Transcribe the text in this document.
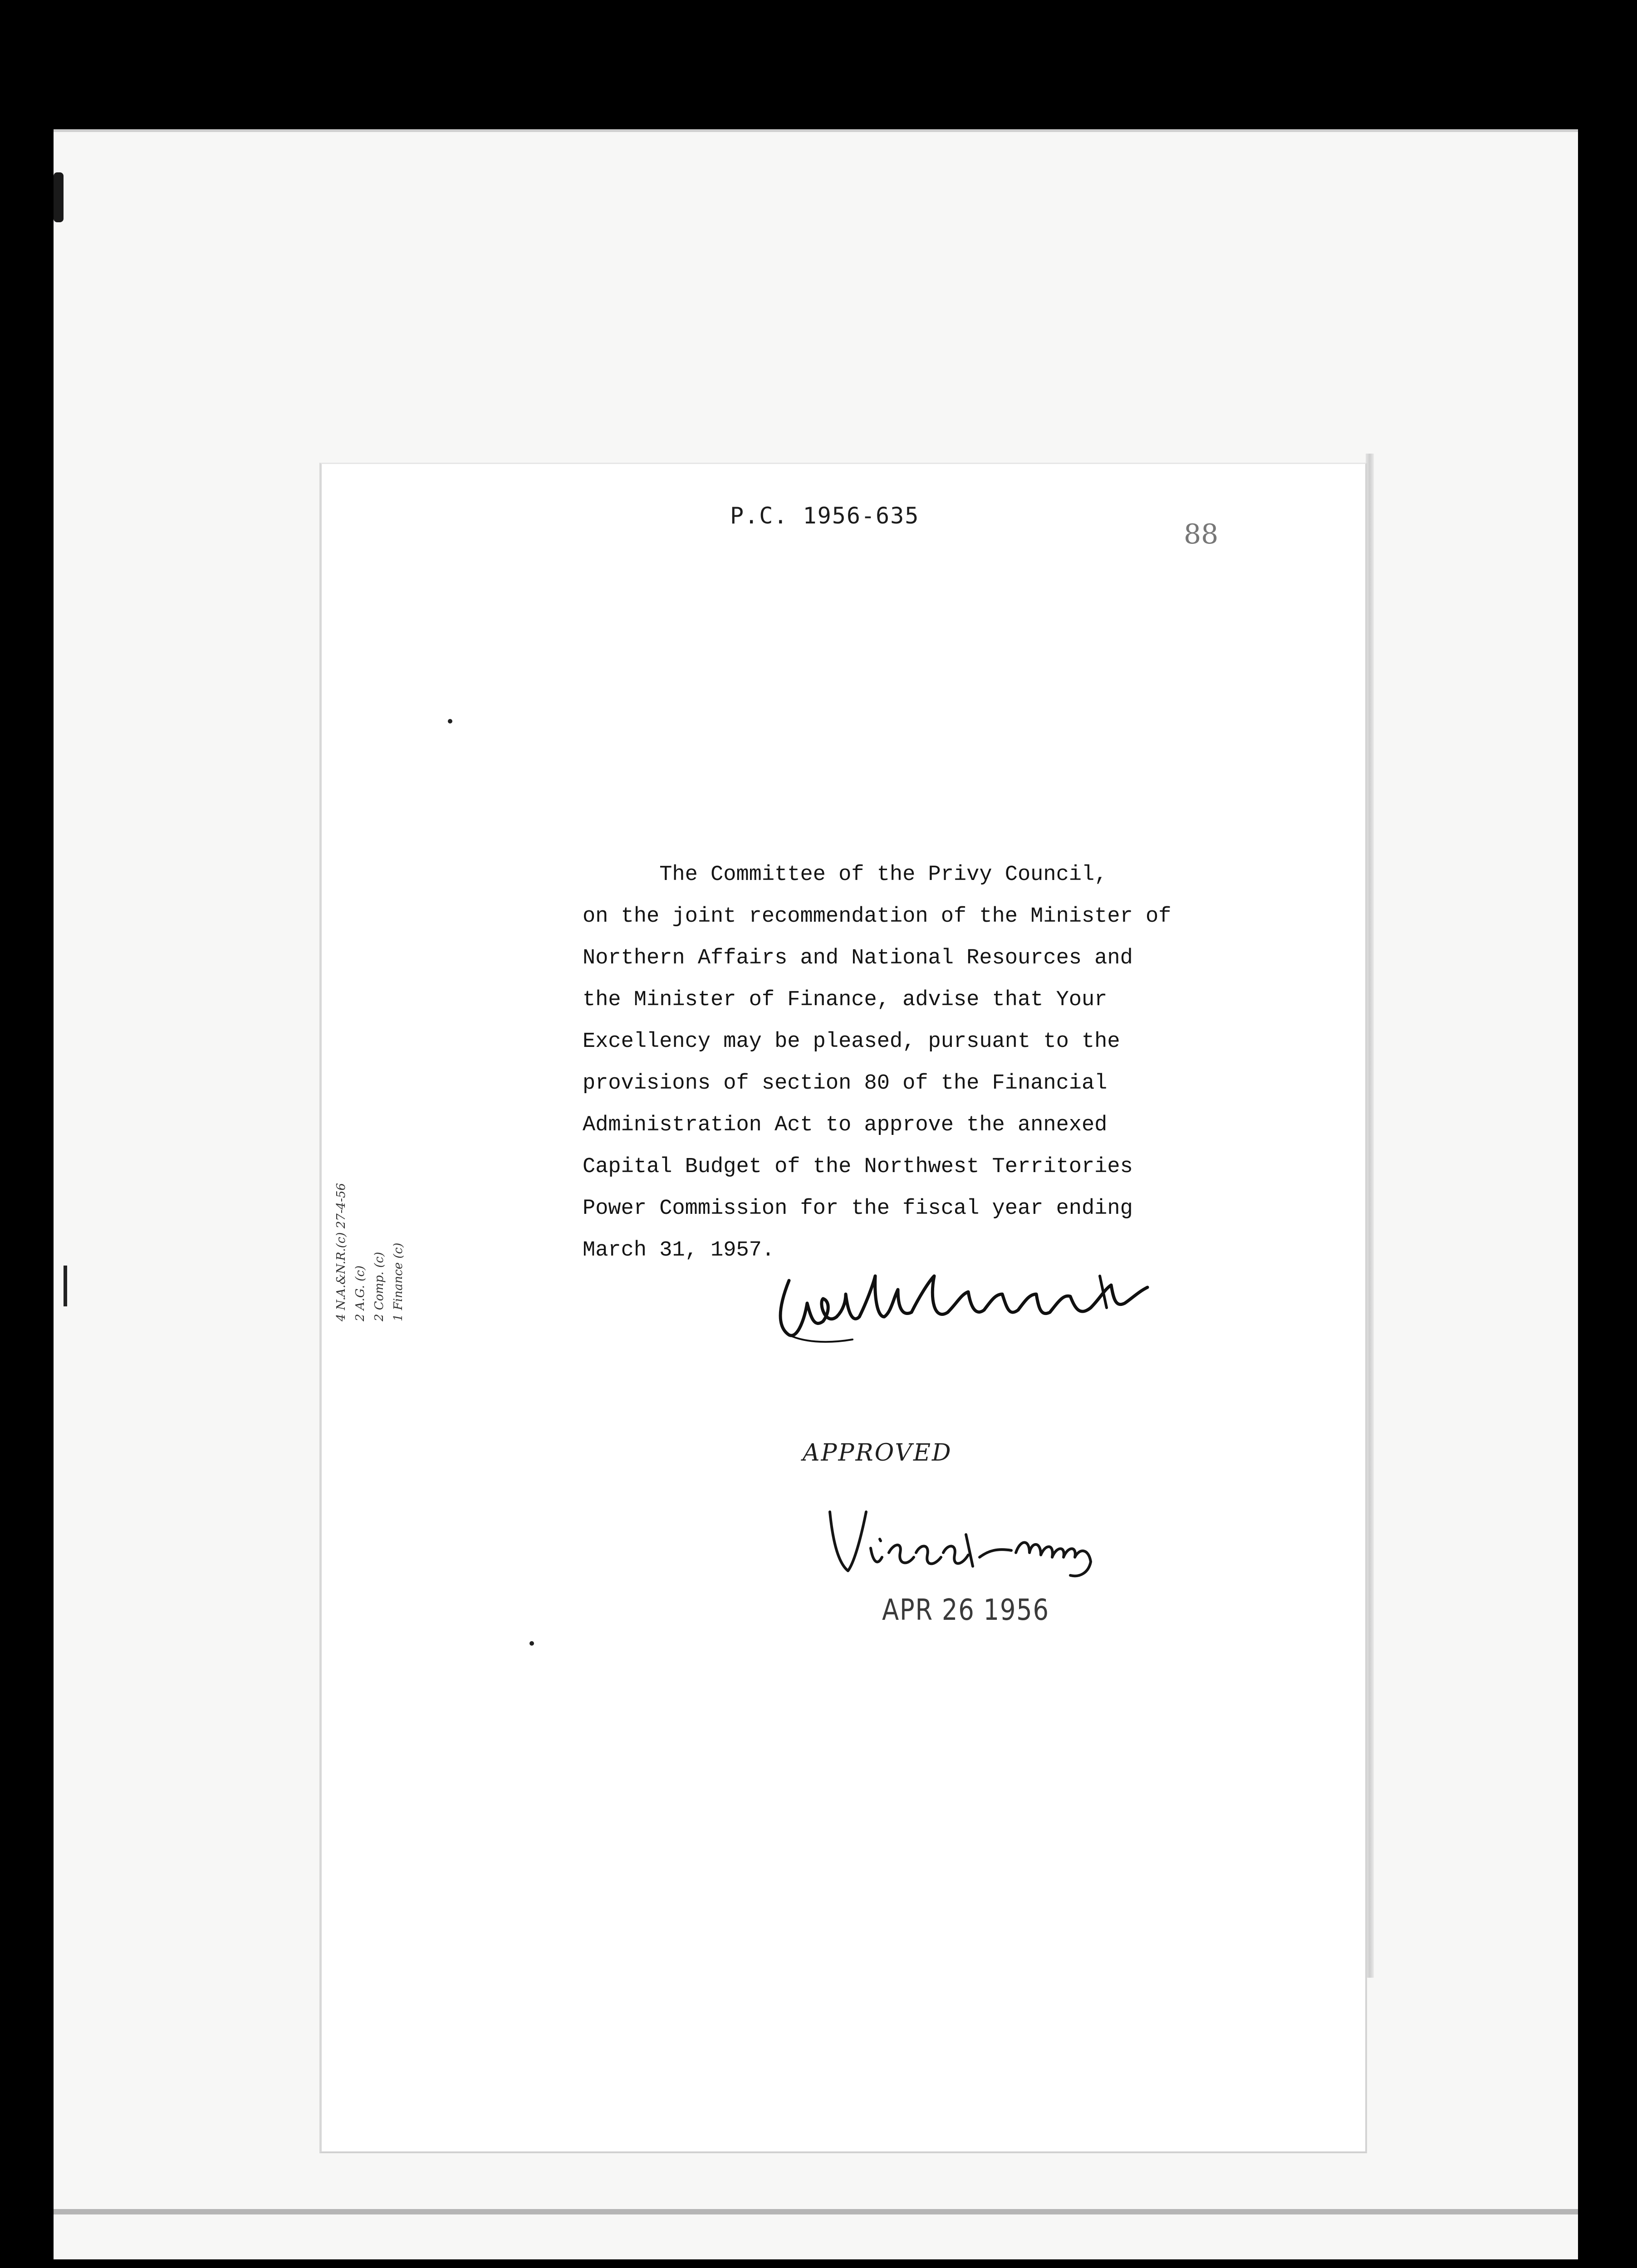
P.C. 1956-635
88
The Committee of the Privy Council,
on the joint recommendation of the Minister of
Northern Affairs and National Resources and
the Minister of Finance, advise that Your
Excellency may be pleased, pursuant to the
provisions of section 80 of the Financial
Administration Act to approve the annexed
Capital Budget of the Northwest Territories
Power Commission for the fiscal year ending
March 31, 1957.
4 N.A.&N.R.(c) 27-4-56
2 A.G. (c)
2 Comp. (c)
1 Finance (c)
APPROVED
APR 26 1956
